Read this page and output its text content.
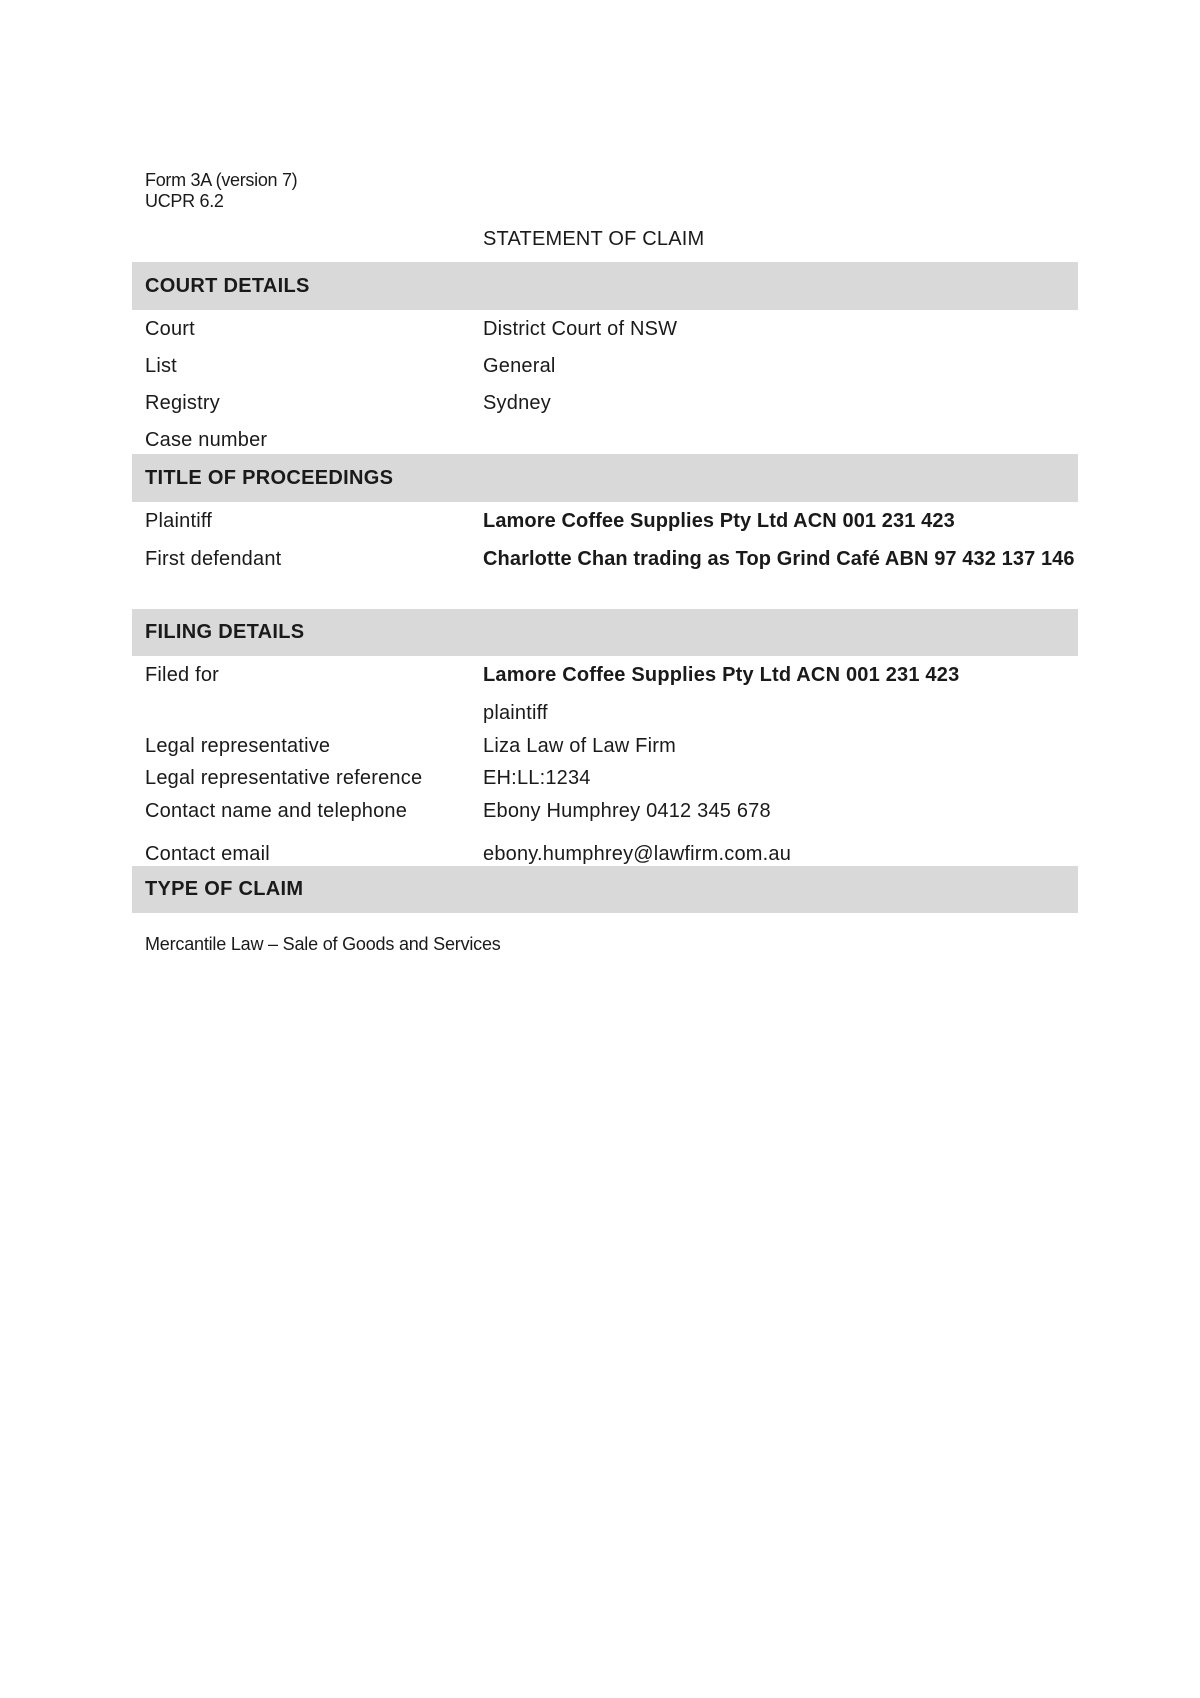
Form 3A (version 7)
UCPR 6.2
STATEMENT OF CLAIM
COURT DETAILS
Court	District Court of NSW
List	General
Registry	Sydney
Case number
TITLE OF PROCEEDINGS
Plaintiff	Lamore Coffee Supplies Pty Ltd ACN 001 231 423
First defendant	Charlotte Chan trading as Top Grind Café ABN 97 432 137 146
FILING DETAILS
Filed for	Lamore Coffee Supplies Pty Ltd ACN 001 231 423
plaintiff
Legal representative	Liza Law of Law Firm
Legal representative reference	EH:LL:1234
Contact name and telephone	Ebony Humphrey 0412 345 678
Contact email	ebony.humphrey@lawfirm.com.au
TYPE OF CLAIM
Mercantile Law – Sale of Goods and Services
